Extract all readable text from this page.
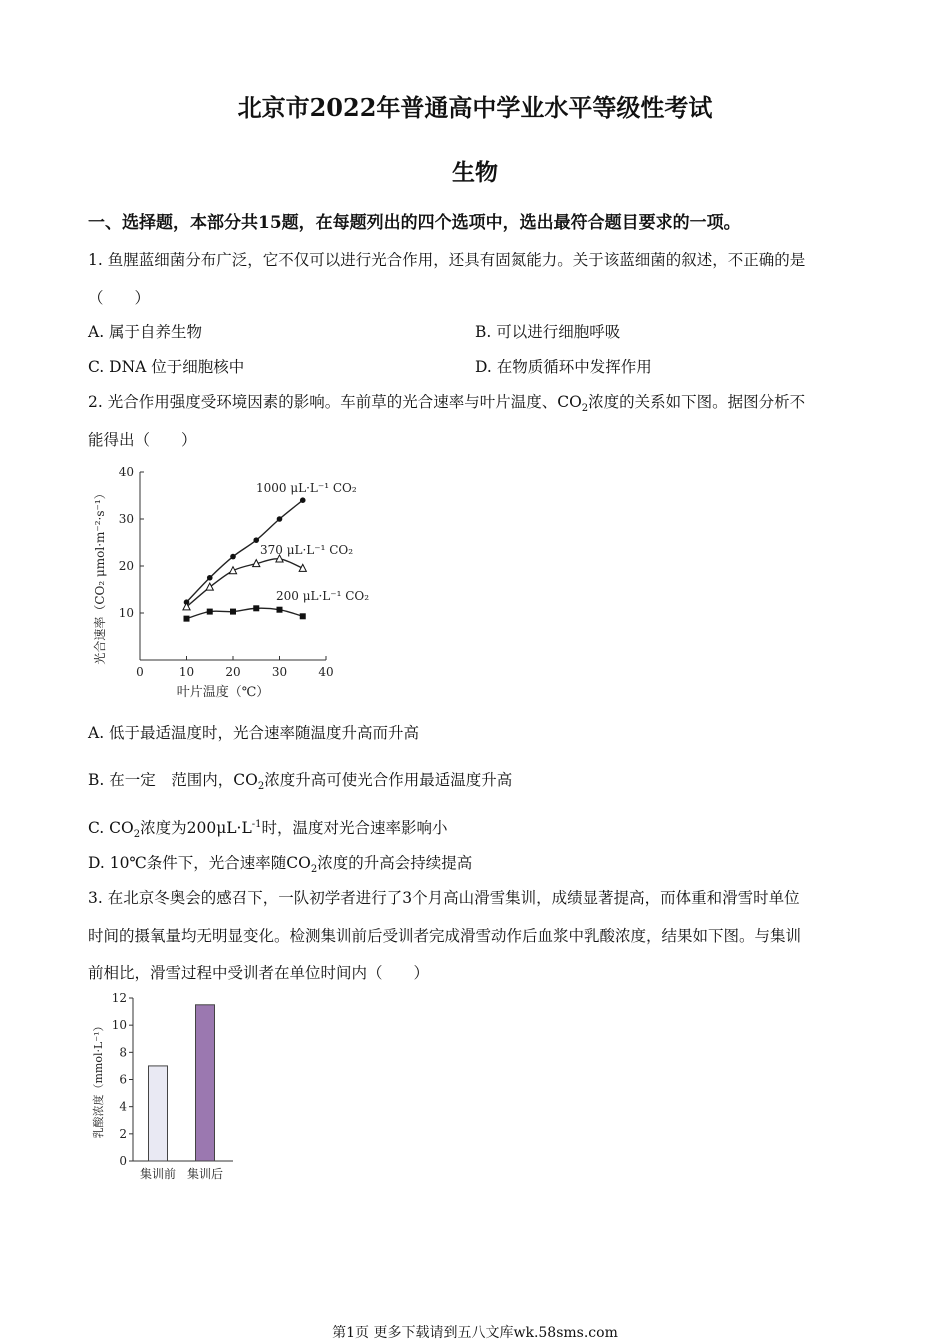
北京市2022年普通高中学业水平等级性考试
生物
一、选择题，本部分共15题，在每题列出的四个选项中，选出最符合题目要求的一项。
1. 鱼腥蓝细菌分布广泛，它不仅可以进行光合作用，还具有固氮能力。关于该蓝细菌的叙述，不正确的是
（　　）
A. 属于自养生物	B. 可以进行细胞呼吸
C. DNA 位于细胞核中	D. 在物质循环中发挥作用
2. 光合作用强度受环境因素的影响。车前草的光合速率与叶片温度、$CO_2$浓度的关系如下图。据图分析不
能得出（　　）
0	10	20	30	40
10
20
30
40
叶片温度（℃）
光合速率（CO₂ μmol·m⁻²·s⁻¹）	1000 μL·L⁻¹ CO₂
370 μL·L⁻¹ CO₂
200 μL·L⁻¹ CO₂
A. 低于最适温度时，光合速率随温度升高而升高
B. 在一定　范围内，$CO_2$浓度升高可使光合作用最适温度升高
C. $CO_2$浓度为$200\mu L\cdot L^{-1}$时，温度对光合速率影响小
D. 10℃条件下，光合速率随$CO_2$浓度的升高会持续提高
3. 在北京冬奥会的感召下，一队初学者进行了3个月高山滑雪集训，成绩显著提高，而体重和滑雪时单位
时间的摄氧量均无明显变化。检测集训前后受训者完成滑雪动作后血浆中乳酸浓度，结果如下图。与集训
前相比，滑雪过程中受训者在单位时间内（　　）
0
2
4
6
8
10
12
集训前 集训后
乳酸浓度（mmol·L⁻¹）
第1页 更多下载请到五八文库wk.58sms.com
